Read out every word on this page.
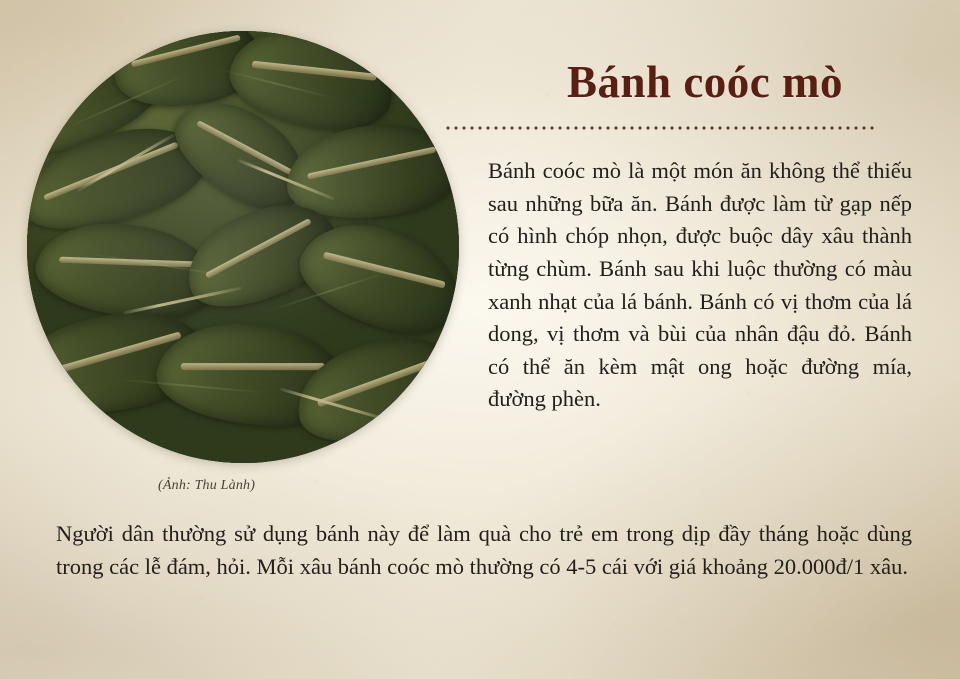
(Ảnh: Thu Lành)
Bánh coóc mò
Bánh coóc mò là một món ăn không thể thiếu sau những bữa ăn. Bánh được làm từ gạp nếp có hình chóp nhọn, được buộc dây xâu thành từng chùm. Bánh sau khi luộc thường có màu xanh nhạt của lá bánh. Bánh có vị thơm của lá dong, vị thơm và bùi của nhân đậu đỏ. Bánh có thể ăn kèm mật ong hoặc đường mía, đường phèn.
Người dân thường sử dụng bánh này để làm quà cho trẻ em trong dịp đầy tháng hoặc dùng trong các lễ đám, hỏi. Mỗi xâu bánh coóc mò thường có 4-5 cái với giá khoảng 20.000đ/1 xâu.
